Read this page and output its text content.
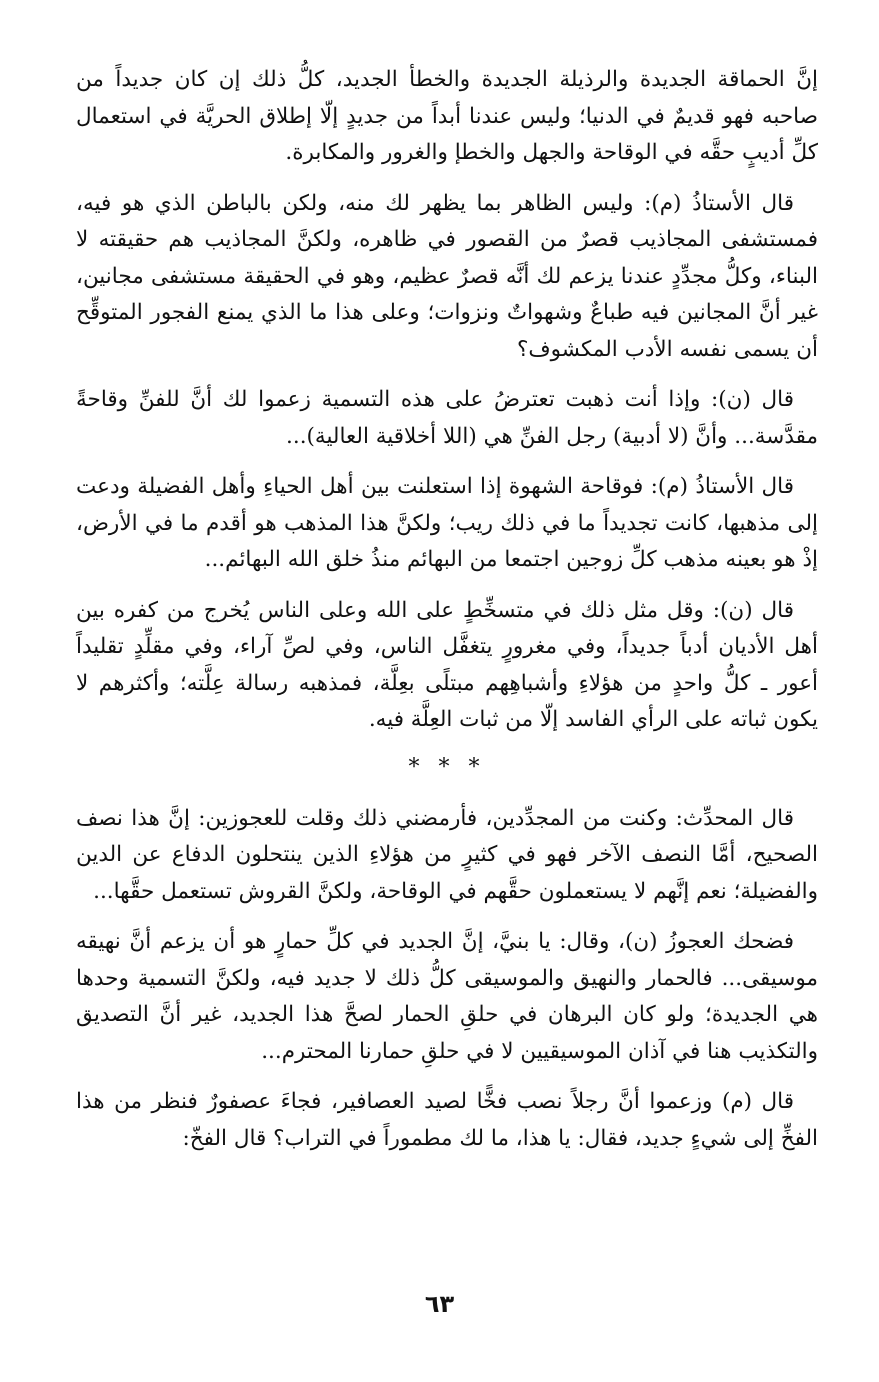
إنَّ الحماقة الجديدة والرذيلة الجديدة والخطأ الجديد، كلُّ ذلك إن كان جديداً من صاحبه فهو قديمٌ في الدنيا؛ وليس عندنا أبداً من جديدٍ إلّا إطلاق الحريَّة في استعمال كلِّ أديبٍ حقَّه في الوقاحة والجهل والخطإ والغرور والمكابرة.

قال الأستاذُ (م): وليس الظاهر بما يظهر لك منه، ولكن بالباطن الذي هو فيه، فمستشفى المجاذيب قصرٌ من القصور في ظاهره، ولكنَّ المجاذيب هم حقيقته لا البناء، وكلُّ مجدِّدٍ عندنا يزعم لك أنَّه قصرٌ عظيم، وهو في الحقيقة مستشفى مجانين، غير أنَّ المجانين فيه طباعٌ وشهواتٌ ونزوات؛ وعلى هذا ما الذي يمنع الفجور المتوقِّح أن يسمى نفسه الأدب المكشوف؟

قال (ن): وإذا أنت ذهبت تعترضُ على هذه التسمية زعموا لك أنَّ للفنِّ وقاحةً مقدَّسة... وأنَّ (لا أدبية) رجل الفنِّ هي (اللا أخلاقية العالية)...

قال الأستاذُ (م): فوقاحة الشهوة إذا استعلنت بين أهل الحياءِ وأهل الفضيلة ودعت إلى مذهبها، كانت تجديداً ما في ذلك ريب؛ ولكنَّ هذا المذهب هو أقدم ما في الأرض، إذْ هو بعينه مذهب كلِّ زوجين اجتمعا من البهائم منذُ خلق الله البهائم...

قال (ن): وقل مثل ذلك في متسخِّطٍ على الله وعلى الناس يُخرج من كفره بين أهل الأديان أدباً جديداً، وفي مغرورٍ يتغفَّل الناس، وفي لصِّ آراء، وفي مقلِّدٍ تقليداً أعور ـ كلُّ واحدٍ من هؤلاءِ وأشباهِهم مبتلًى بعِلَّة، فمذهبه رسالة عِلَّته؛ وأكثرهم لا يكون ثباته على الرأي الفاسد إلّا من ثبات العِلَّة فيه.

* * *

قال المحدِّث: وكنت من المجدِّدين، فأرمضني ذلك وقلت للعجوزين: إنَّ هذا نصف الصحيح، أمَّا النصف الآخر فهو في كثيرٍ من هؤلاءِ الذين ينتحلون الدفاع عن الدين والفضيلة؛ نعم إنَّهم لا يستعملون حقَّهم في الوقاحة، ولكنَّ القروش تستعمل حقَّها...

فضحك العجوزُ (ن)، وقال: يا بنيَّ، إنَّ الجديد في كلِّ حمارٍ هو أن يزعم أنَّ نهيقه موسيقى... فالحمار والنهيق والموسيقى كلُّ ذلك لا جديد فيه، ولكنَّ التسمية وحدها هي الجديدة؛ ولو كان البرهان في حلقِ الحمار لصحَّ هذا الجديد، غير أنَّ التصديق والتكذيب هنا في آذان الموسيقيين لا في حلقِ حمارنا المحترم...

قال (م) وزعموا أنَّ رجلاً نصب فخًّا لصيد العصافير، فجاءَ عصفورٌ فنظر من هذا الفخِّ إلى شيءٍ جديد، فقال: يا هذا، ما لك مطموراً في التراب؟ قال الفخّ:

٦٣
